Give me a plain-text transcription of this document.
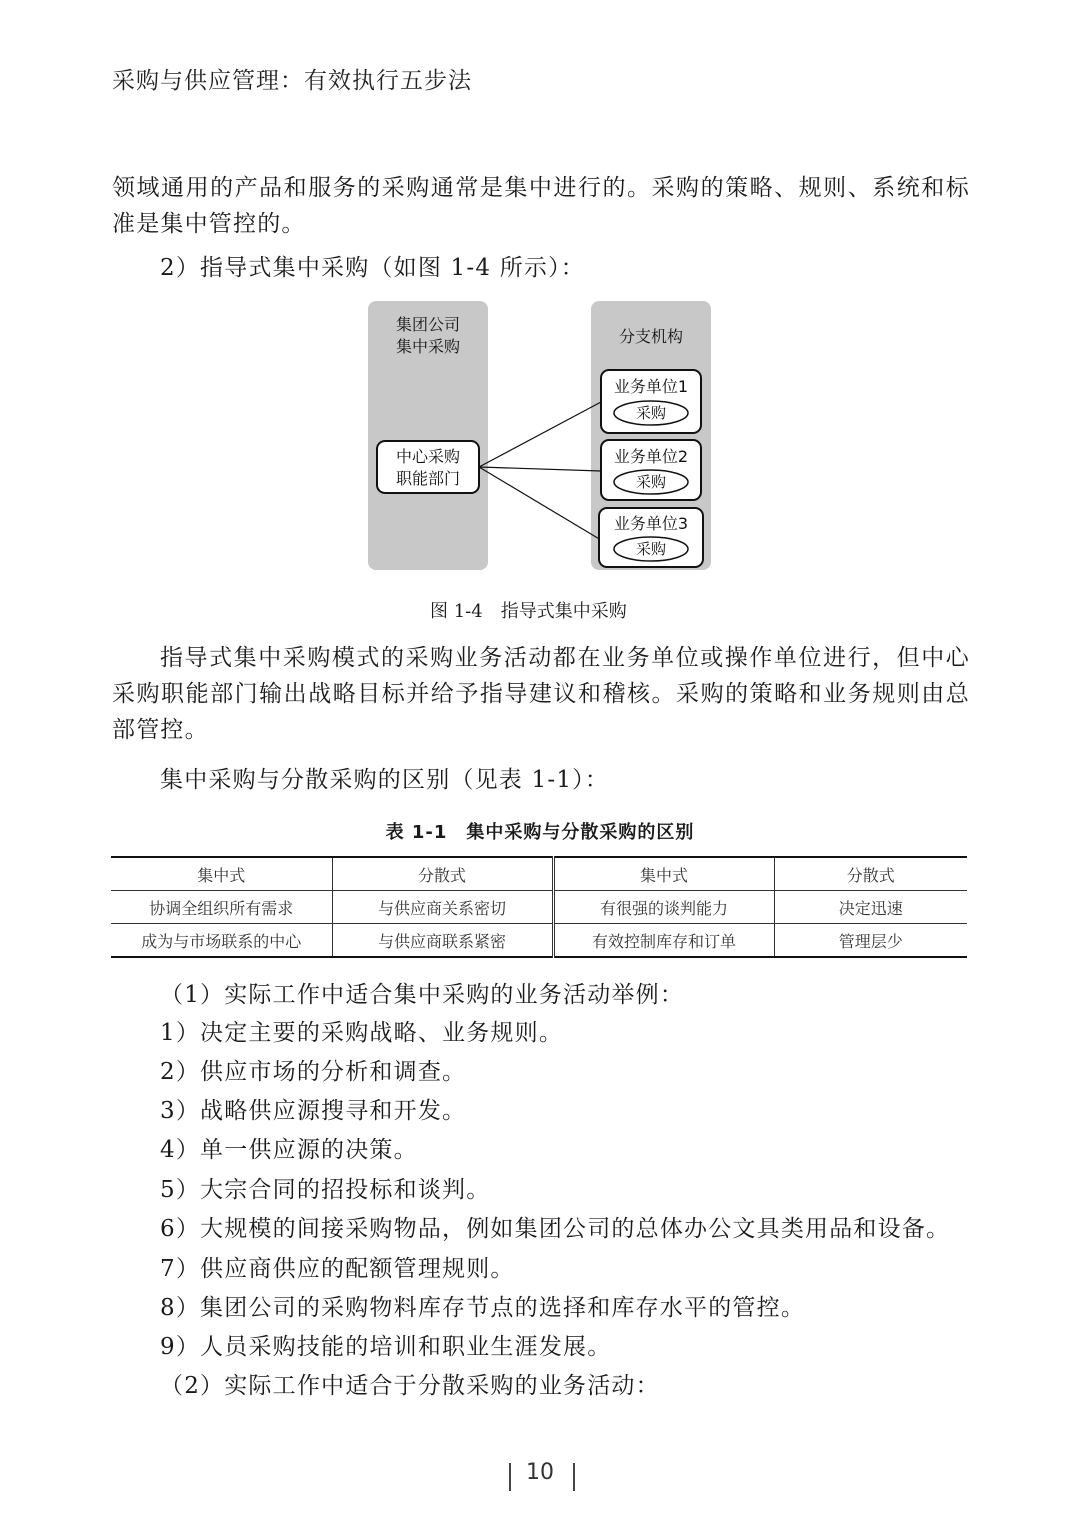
采购与供应管理：有效执行五步法
领域通用的产品和服务的采购通常是集中进行的。采购的策略、规则、系统和标准是集中管控的。
2）指导式集中采购（如图 1-4 所示）：
集团公司
集中采购
分支机构
中心采购
职能部门
业务单位1
采购
业务单位2
采购
业务单位3
采购
图 1-4　指导式集中采购
指导式集中采购模式的采购业务活动都在业务单位或操作单位进行，但中心采购职能部门输出战略目标并给予指导建议和稽核。采购的策略和业务规则由总部管控。
集中采购与分散采购的区别（见表 1-1）：
表 1-1　集中采购与分散采购的区别
集中式	分散式	集中式	分散式
协调全组织所有需求	与供应商关系密切	有很强的谈判能力	决定迅速
成为与市场联系的中心	与供应商联系紧密	有效控制库存和订单	管理层少
（1）实际工作中适合集中采购的业务活动举例：
1）决定主要的采购战略、业务规则。
2）供应市场的分析和调查。
3）战略供应源搜寻和开发。
4）单一供应源的决策。
5）大宗合同的招投标和谈判。
6）大规模的间接采购物品，例如集团公司的总体办公文具类用品和设备。
7）供应商供应的配额管理规则。
8）集团公司的采购物料库存节点的选择和库存水平的管控。
9）人员采购技能的培训和职业生涯发展。
（2）实际工作中适合于分散采购的业务活动：
10
